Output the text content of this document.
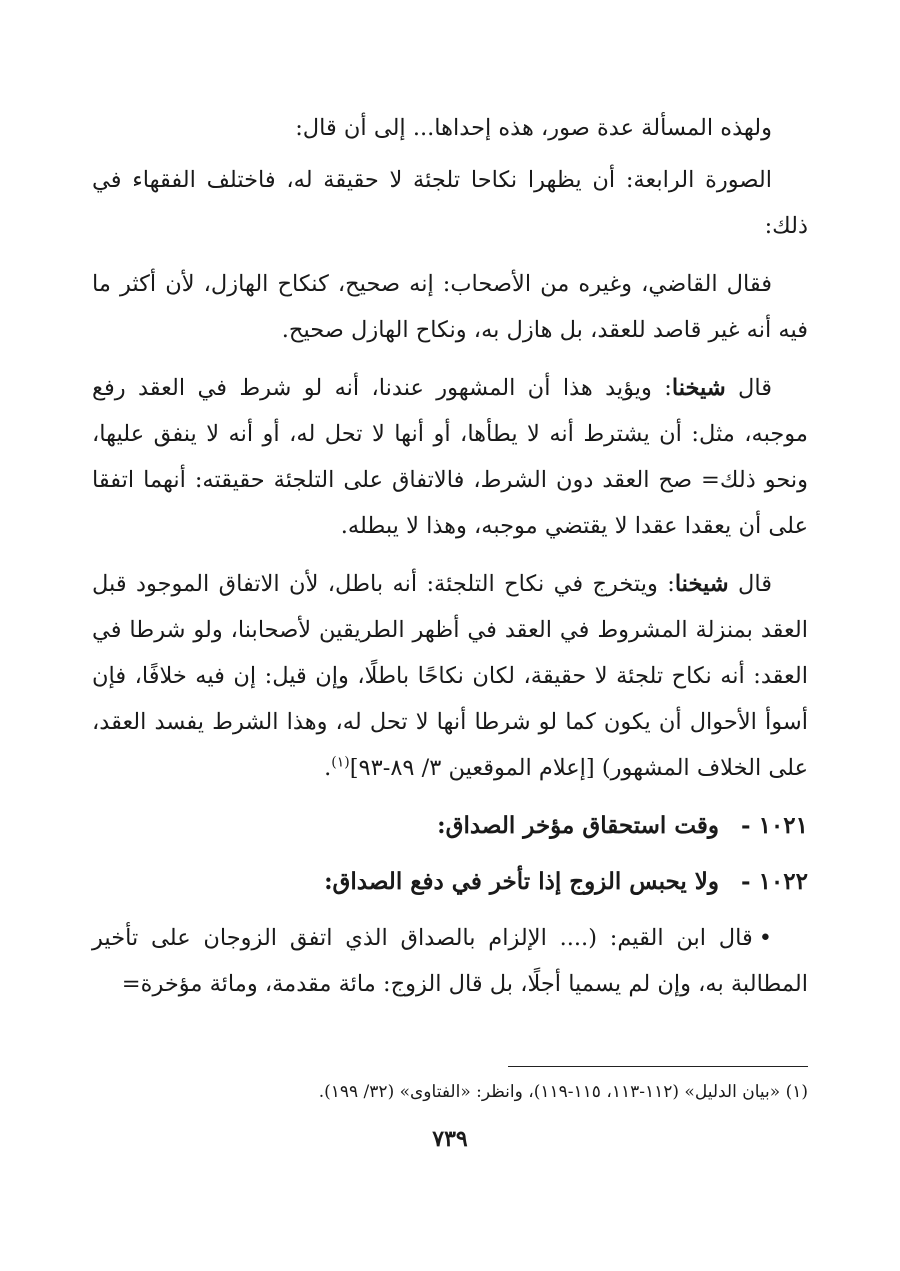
ولهذه المسألة عدة صور، هذه إحداها... إلى أن قال:

الصورة الرابعة: أن يظهرا نكاحا تلجئة لا حقيقة له، فاختلف الفقهاء في ذلك:

فقال القاضي، وغيره من الأصحاب: إنه صحيح، كنكاح الهازل، لأن أكثر ما فيه أنه غير قاصد للعقد، بل هازل به، ونكاح الهازل صحيح.

قال شيخنا: ويؤيد هذا أن المشهور عندنا، أنه لو شرط في العقد رفع موجبه، مثل: أن يشترط أنه لا يطأها، أو أنها لا تحل له، أو أنه لا ينفق عليها، ونحو ذلك= صح العقد دون الشرط، فالاتفاق على التلجئة حقيقته: أنهما اتفقا على أن يعقدا عقدا لا يقتضي موجبه، وهذا لا يبطله.

قال شيخنا: ويتخرج في نكاح التلجئة: أنه باطل، لأن الاتفاق الموجود قبل العقد بمنزلة المشروط في العقد في أظهر الطريقين لأصحابنا، ولو شرطا في العقد: أنه نكاح تلجئة لا حقيقة، لكان نكاحًا باطلًا، وإن قيل: إن فيه خلافًا، فإن أسوأ الأحوال أن يكون كما لو شرطا أنها لا تحل له، وهذا الشرط يفسد العقد، على الخلاف المشهور) [إعلام الموقعين ٣/ ٨٩-٩٣]$^{(١)}$.

١٠٢١ -
وقت استحقاق مؤخر الصداق:
١٠٢٢ -
ولا يحبس الزوج إذا تأخر في دفع الصداق:

•قال ابن القيم: (.... الإلزام بالصداق الذي اتفق الزوجان على تأخير المطالبة به، وإن لم يسميا أجلًا، بل قال الزوج: مائة مقدمة، ومائة مؤخرة=

(١) «بيان الدليل» (١١٢-١١٣، ١١٥-١١٩)، وانظر: «الفتاوى» (٣٢/ ١٩٩).
٧٣٩
